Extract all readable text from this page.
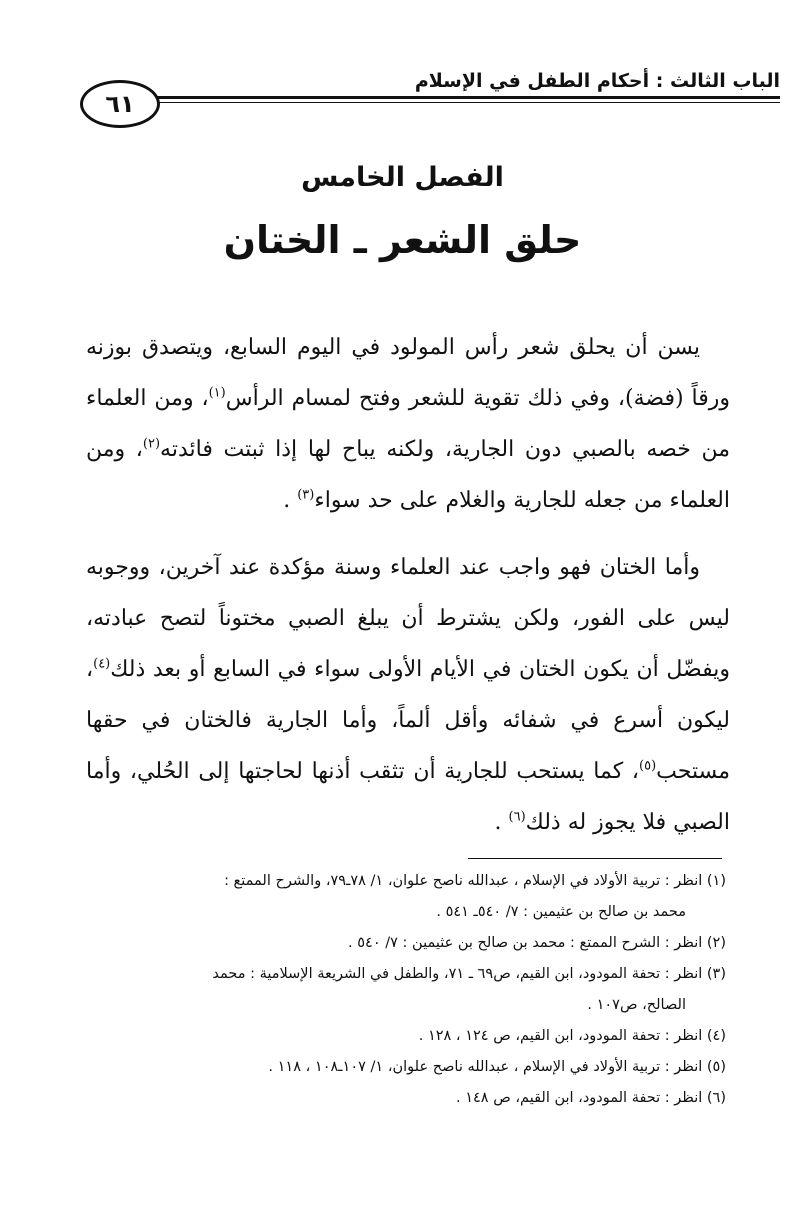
الباب الثالث : أحكام الطفل في الإسلام
٦١
الفصل الخامس
حلق الشعر ـ الختان

يسن أن يحلق شعر رأس المولود في اليوم السابع، ويتصدق بوزنه ورقاً (فضة)، وفي ذلك تقوية للشعر وفتح لمسام الرأس$^{(١)}$، ومن العلماء من خصه بالصبي دون الجارية، ولكنه يباح لها إذا ثبتت فائدته$^{(٢)}$، ومن العلماء من جعله للجارية والغلام على حد سواء$^{(٣)}$ .

وأما الختان فهو واجب عند العلماء وسنة مؤكدة عند آخرين، ووجوبه ليس على الفور، ولكن يشترط أن يبلغ الصبي مختوناً لتصح عبادته، ويفضّل أن يكون الختان في الأيام الأولى سواء في السابع أو بعد ذلك$^{(٤)}$، ليكون أسرع في شفائه وأقل ألماً، وأما الجارية فالختان في حقها مستحب$^{(٥)}$، كما يستحب للجارية أن تثقب أذنها لحاجتها إلى الحُلي، وأما الصبي فلا يجوز له ذلك$^{(٦)}$ .

(١) انظر : تربية الأولاد في الإسلام ، عبدالله ناصح علوان، ١/ ٧٨ـ٧٩، والشرح الممتع :
محمد بن صالح بن عثيمين : ٧/ ٥٤٠ـ ٥٤١ .
(٢) انظر : الشرح الممتع : محمد بن صالح بن عثيمين : ٧/ ٥٤٠ .
(٣) انظر : تحفة المودود، ابن القيم، ص٦٩ ـ ٧١، والطفل في الشريعة الإسلامية : محمد
الصالح، ص١٠٧ .
(٤) انظر : تحفة المودود، ابن القيم، ص ١٢٤ ، ١٢٨ .
(٥) انظر : تربية الأولاد في الإسلام ، عبدالله ناصح علوان، ١/ ١٠٧ـ١٠٨ ، ١١٨ .
(٦) انظر : تحفة المودود، ابن القيم، ص ١٤٨ .
